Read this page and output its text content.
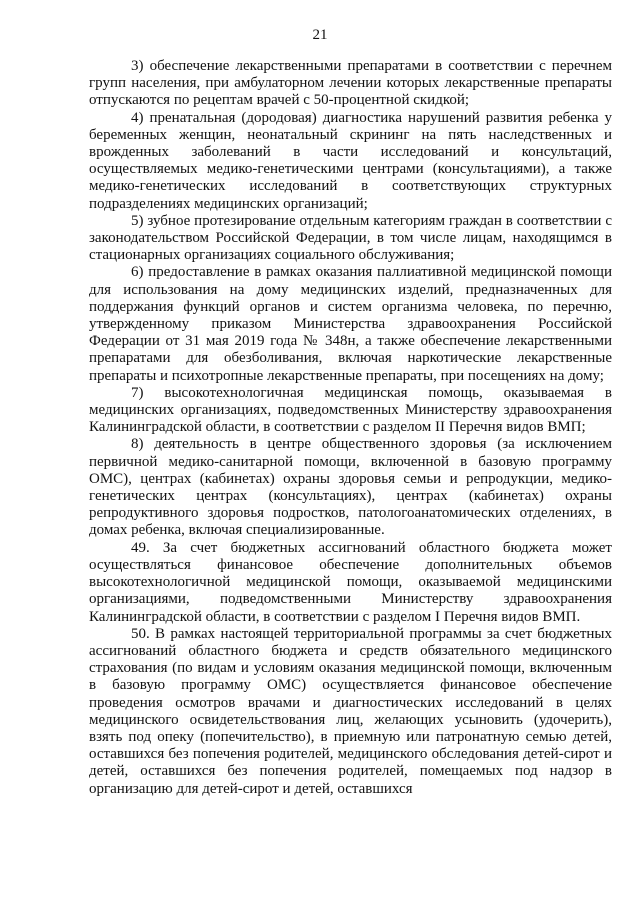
21

3) обеспечение лекарственными препаратами в соответствии с перечнем групп населения, при амбулаторном лечении которых лекарственные препараты отпускаются по рецептам врачей с 50-процентной скидкой;

4) пренатальная (дородовая) диагностика нарушений развития ребенка у беременных женщин, неонатальный скрининг на пять наследственных и врожденных заболеваний в части исследований и консультаций, осуществляемых медико-генетическими центрами (консультациями), а также медико-генетических исследований в соответствующих структурных подразделениях медицинских организаций;

5) зубное протезирование отдельным категориям граждан в соответствии с законодательством Российской Федерации, в том числе лицам, находящимся в стационарных организациях социального обслуживания;

6) предоставление в рамках оказания паллиативной медицинской помощи для использования на дому медицинских изделий, предназначенных для поддержания функций органов и систем организма человека, по перечню, утвержденному приказом Министерства здравоохранения Российской Федерации от 31 мая 2019 года № 348н, а также обеспечение лекарственными препаратами для обезболивания, включая наркотические лекарственные препараты и психотропные лекарственные препараты, при посещениях на дому;

7) высокотехнологичная медицинская помощь, оказываемая в медицинских организациях, подведомственных Министерству здравоохранения Калининградской области, в соответствии с разделом II Перечня видов ВМП;

8) деятельность в центре общественного здоровья (за исключением первичной медико-санитарной помощи, включенной в базовую программу ОМС), центрах (кабинетах) охраны здоровья семьи и репродукции, медико-генетических центрах (консультациях), центрах (кабинетах) охраны репродуктивного здоровья подростков, патологоанатомических отделениях, в домах ребенка, включая специализированные.

49. За счет бюджетных ассигнований областного бюджета может осуществляться финансовое обеспечение дополнительных объемов высокотехнологичной медицинской помощи, оказываемой медицинскими организациями, подведомственными Министерству здравоохранения Калининградской области, в соответствии с разделом I Перечня видов ВМП.

50. В рамках настоящей территориальной программы за счет бюджетных ассигнований областного бюджета и средств обязательного медицинского страхования (по видам и условиям оказания медицинской помощи, включенным в базовую программу ОМС) осуществляется финансовое обеспечение проведения осмотров врачами и диагностических исследований в целях медицинского освидетельствования лиц, желающих усыновить (удочерить), взять под опеку (попечительство), в приемную или патронатную семью детей, оставшихся без попечения родителей, медицинского обследования детей-сирот и детей, оставшихся без попечения родителей, помещаемых под надзор в организацию для детей-сирот и детей, оставшихся
